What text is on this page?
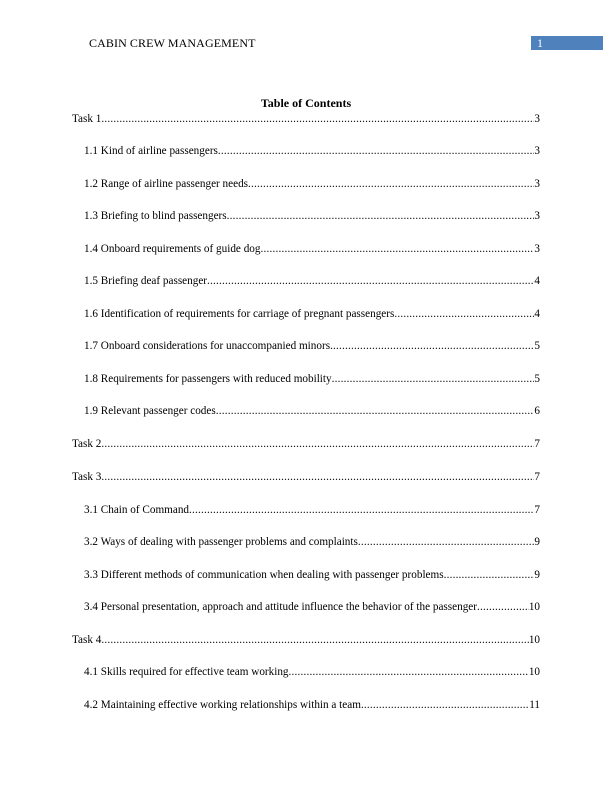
CABIN CREW MANAGEMENT	1
Table of Contents
Task 1 .....	3
1.1 Kind of airline passengers .....	3
1.2 Range of airline passenger needs .....	3
1.3 Briefing to blind passengers .....	3
1.4 Onboard requirements of guide dog .....	3
1.5 Briefing deaf passenger .....	4
1.6 Identification of requirements for carriage of pregnant passengers .....	4
1.7 Onboard considerations for unaccompanied minors .....	5
1.8 Requirements for passengers with reduced mobility .....	5
1.9 Relevant passenger codes .....	6
Task 2 .....	7
Task 3 .....	7
3.1 Chain of Command .....	7
3.2 Ways of dealing with passenger problems and complaints .....	9
3.3 Different methods of communication when dealing with passenger problems .....	9
3.4 Personal presentation, approach and attitude influence the behavior of the passenger .....	10
Task 4 .....	10
4.1 Skills required for effective team working .....	10
4.2 Maintaining effective working relationships within a team .....	11
